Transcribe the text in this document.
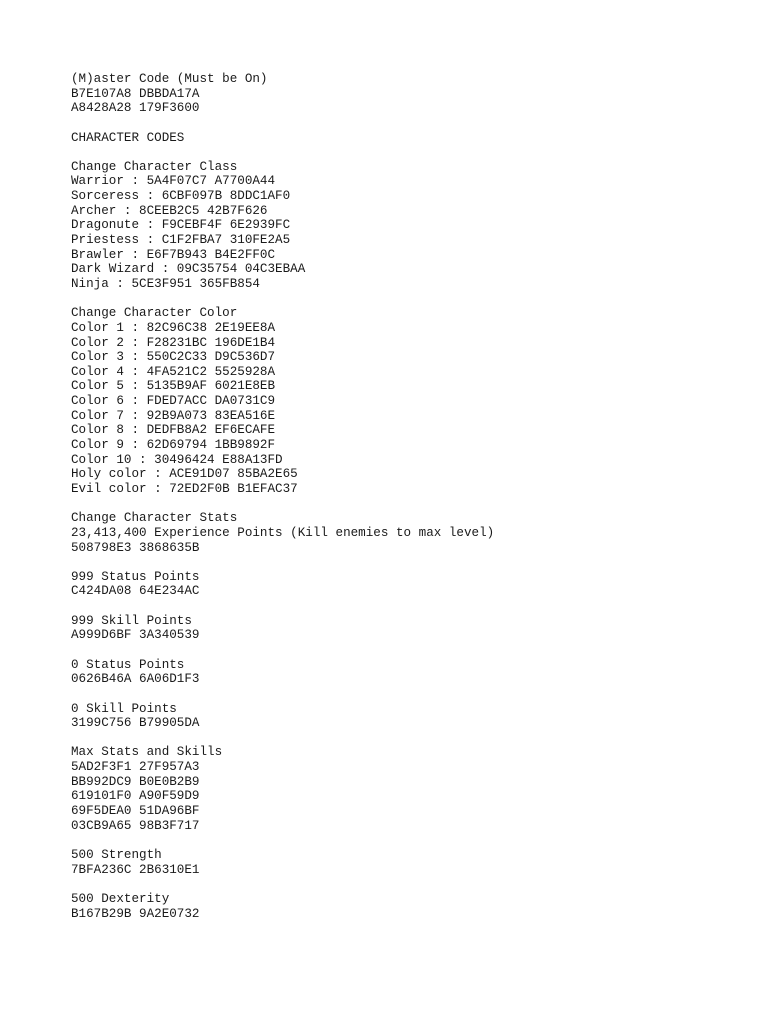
(M)aster Code (Must be On)
B7E107A8 DBBDA17A
A8428A28 179F3600
CHARACTER CODES
Change Character Class
Warrior : 5A4F07C7 A7700A44
Sorceress : 6CBF097B 8DDC1AF0
Archer : 8CEEB2C5 42B7F626
Dragonute : F9CEBF4F 6E2939FC
Priestess : C1F2FBA7 310FE2A5
Brawler : E6F7B943 B4E2FF0C
Dark Wizard : 09C35754 04C3EBAA
Ninja : 5CE3F951 365FB854
Change Character Color
Color 1 : 82C96C38 2E19EE8A
Color 2 : F28231BC 196DE1B4
Color 3 : 550C2C33 D9C536D7
Color 4 : 4FA521C2 5525928A
Color 5 : 5135B9AF 6021E8EB
Color 6 : FDED7ACC DA0731C9
Color 7 : 92B9A073 83EA516E
Color 8 : DEDFB8A2 EF6ECAFE
Color 9 : 62D69794 1BB9892F
Color 10 : 30496424 E88A13FD
Holy color : ACE91D07 85BA2E65
Evil color : 72ED2F0B B1EFAC37
Change Character Stats
23,413,400 Experience Points (Kill enemies to max level)
508798E3 3868635B
999 Status Points
C424DA08 64E234AC
999 Skill Points
A999D6BF 3A340539
0 Status Points
0626B46A 6A06D1F3
0 Skill Points
3199C756 B79905DA
Max Stats and Skills
5AD2F3F1 27F957A3
BB992DC9 B0E0B2B9
619101F0 A90F59D9
69F5DEA0 51DA96BF
03CB9A65 98B3F717
500 Strength
7BFA236C 2B6310E1
500 Dexterity
B167B29B 9A2E0732
